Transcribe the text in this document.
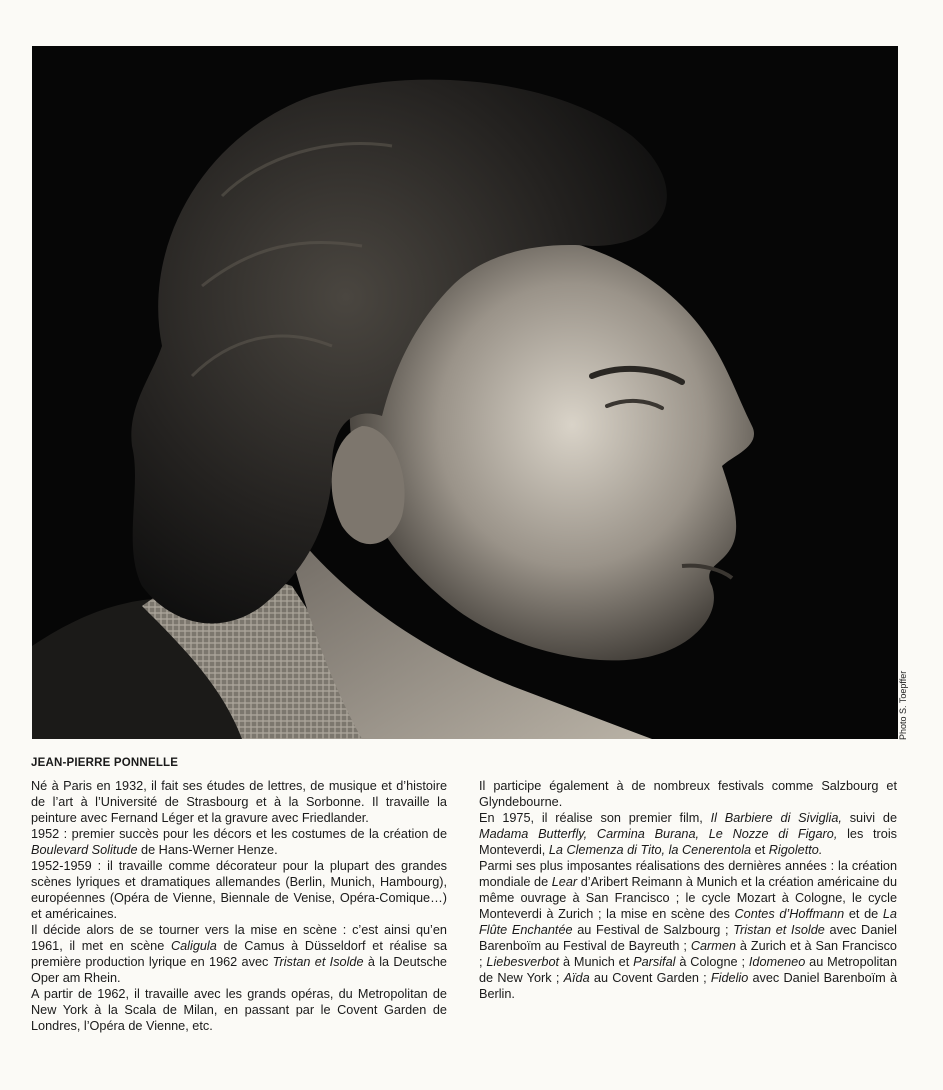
Photo S. Toepffer
JEAN-PIERRE PONNELLE

Né à Paris en 1932, il fait ses études de lettres, de musique et d’histoire de l’art à l’Université de Strasbourg et à la Sorbonne. Il travaille la peinture avec Fernand Léger et la gravure avec Friedlander.

1952 : premier succès pour les décors et les costumes de la création de Boulevard Solitude de Hans-Werner Henze.

1952-1959 : il travaille comme décorateur pour la plupart des grandes scènes lyriques et dramatiques allemandes (Berlin, Munich, Hambourg), européennes (Opéra de Vienne, Biennale de Venise, Opéra-Comique…) et américaines.

Il décide alors de se tourner vers la mise en scène : c’est ainsi qu’en 1961, il met en scène Caligula de Camus à Düsseldorf et réalise sa première production lyrique en 1962 avec Tristan et Isolde à la Deutsche Oper am Rhein.

A partir de 1962, il travaille avec les grands opéras, du Metropolitan de New York à la Scala de Milan, en passant par le Covent Garden de Londres, l’Opéra de Vienne, etc.

Il participe également à de nombreux festivals comme Salzbourg et Glyndebourne.

En 1975, il réalise son premier film, Il Barbiere di Siviglia, suivi de Madama Butterfly, Carmina Burana, Le Nozze di Figaro, les trois Monteverdi, La Clemenza di Tito, la Cenerentola et Rigoletto.

Parmi ses plus imposantes réalisations des dernières années : la création mondiale de Lear d’Aribert Reimann à Munich et la création américaine du même ouvrage à San Francisco ; le cycle Mozart à Cologne, le cycle Monteverdi à Zurich ; la mise en scène des Contes d’Hoffmann et de La Flûte Enchantée au Festival de Salzbourg ; Tristan et Isolde avec Daniel Barenboïm au Festival de Bayreuth ; Carmen à Zurich et à San Francisco ; Liebesverbot à Munich et Parsifal à Cologne ; Idomeneo au Metropolitan de New York ; Aïda au Covent Garden ; Fidelio avec Daniel Barenboïm à Berlin.
